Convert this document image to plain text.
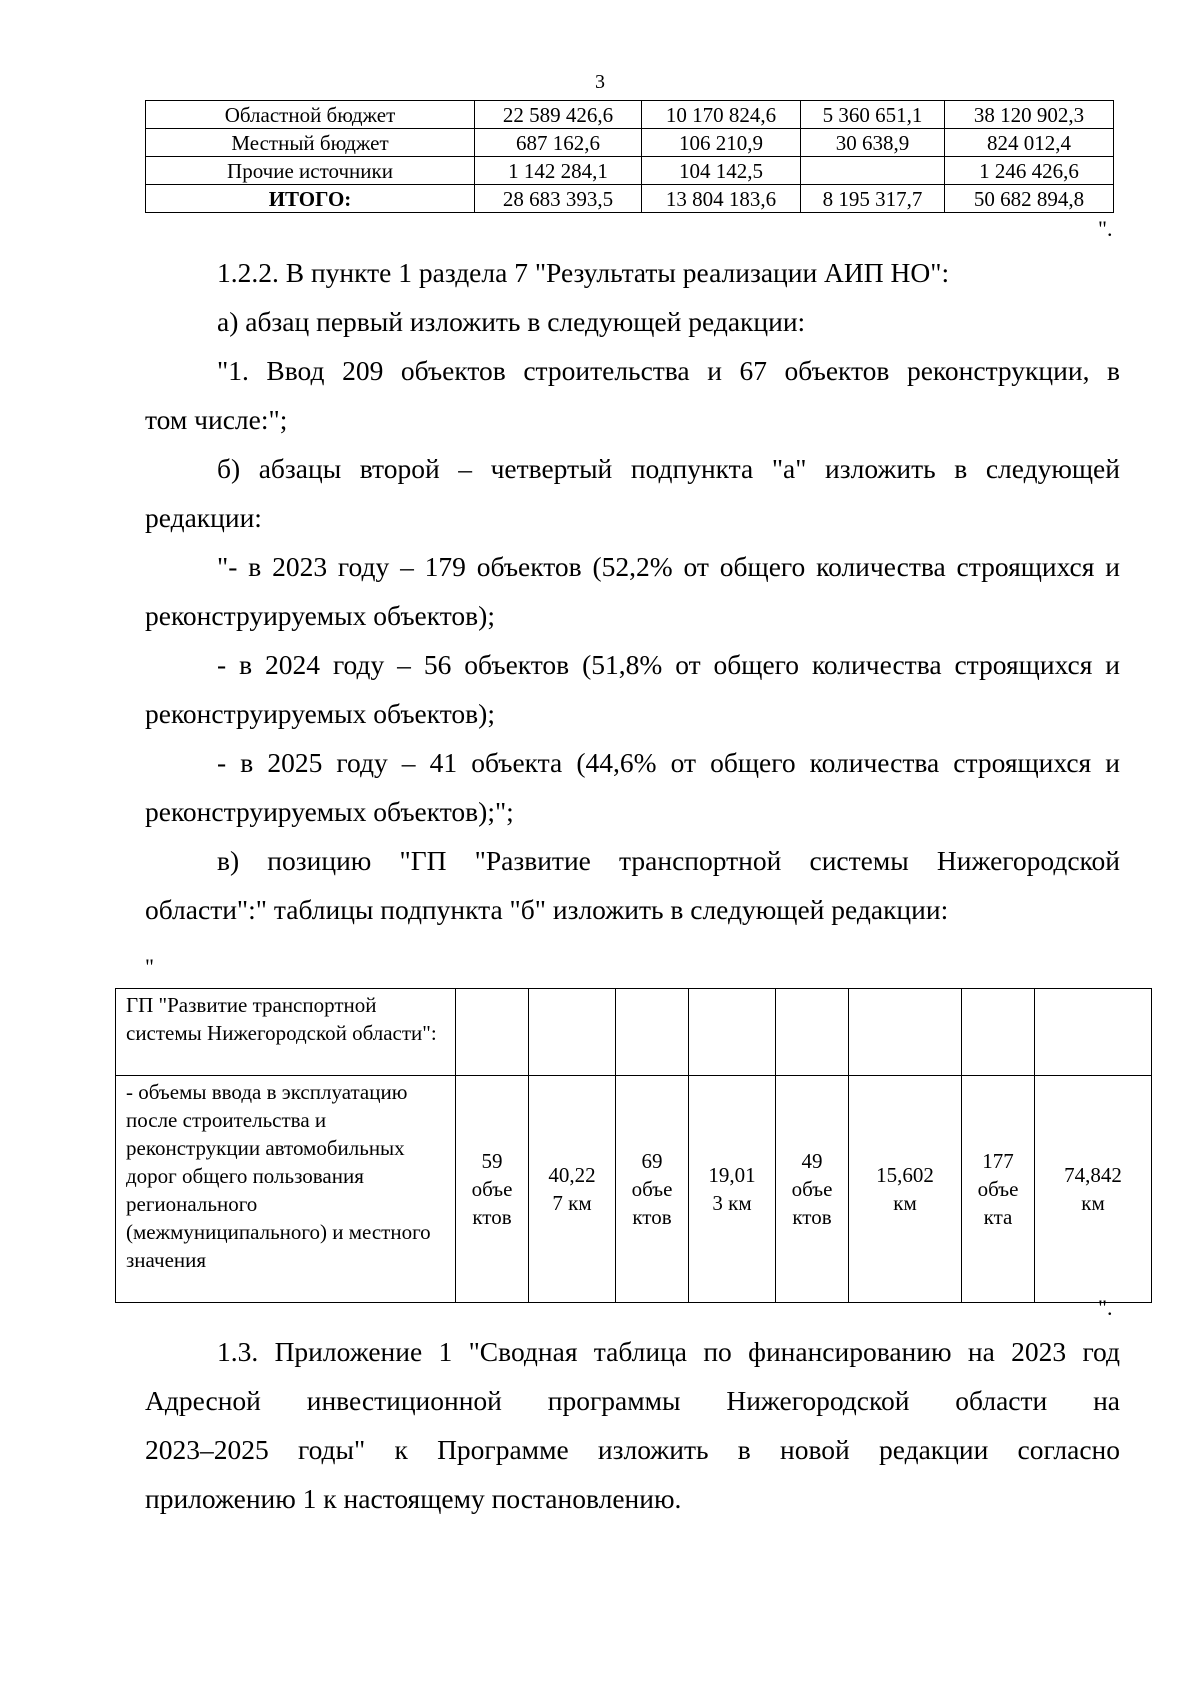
3
Областной бюджет	22 589 426,6	10 170 824,6	5 360 651,1	38 120 902,3
Местный бюджет	687 162,6	106 210,9	30 638,9	824 012,4
Прочие источники	1 142 284,1	104 142,5		1 246 426,6
ИТОГО:	28 683 393,5	13 804 183,6	8 195 317,7	50 682 894,8
".

1.2.2. В пункте 1 раздела 7 "Результаты реализации АИП НО":

а) абзац первый изложить в следующей редакции:

"1. Ввод 209 объектов строительства и 67 объектов реконструкции, в

том числе:";

б) абзацы второй – четвертый подпункта "а" изложить в следующей

редакции:

"- в 2023 году – 179 объектов (52,2% от общего количества строящихся и

реконструируемых объектов);

- в 2024 году – 56 объектов (51,8% от общего количества строящихся и

реконструируемых объектов);

- в 2025 году – 41 объекта (44,6% от общего количества строящихся и

реконструируемых объектов);";

в) позицию "ГП "Развитие транспортной системы Нижегородской

области":" таблицы подпункта "б" изложить в следующей редакции:

"
ГП "Развитие транспортной системы Нижегородской области":								
- объемы ввода в эксплуатацию после строительства и реконструкции автомобильных дорог общего пользования регионального (межмуниципального) и местного значения	59
объе
ктов	40,22
7 км	69
объе
ктов	19,01
3 км	49
объе
ктов	15,602
км	177
объе
кта	74,842
км
".

1.3. Приложение 1 "Сводная таблица по финансированию на 2023 год

Адресной инвестиционной программы Нижегородской области на

2023–2025 годы" к Программе изложить в новой редакции согласно

приложению 1 к настоящему постановлению.
